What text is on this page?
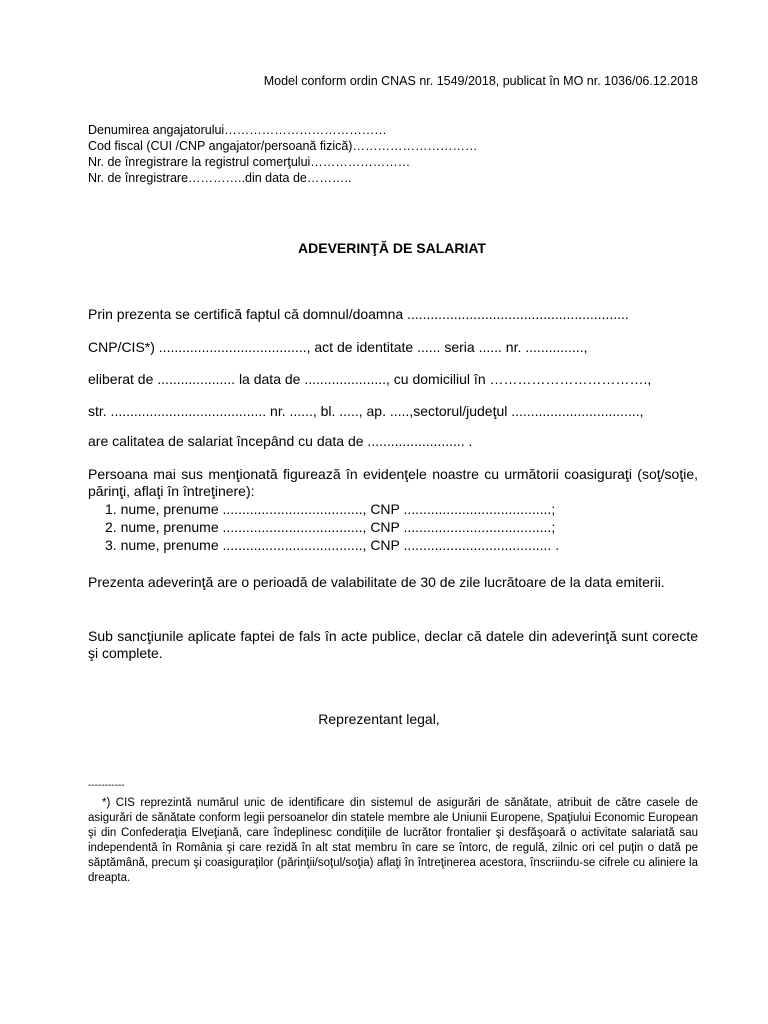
Model conform ordin CNAS nr. 1549/2018, publicat în MO nr. 1036/06.12.2018
Denumirea angajatorului…………………………………
Cod fiscal (CUI /CNP angajator/persoană fizică)…………………………
Nr. de înregistrare la registrul comerţului……………………
Nr. de înregistrare…………..din data de………..
ADEVERINŢĂ DE SALARIAT
Prin prezenta se certifică faptul că domnul/doamna .........................................................
CNP/CIS*) ......................................, act de identitate ...... seria ...... nr. ...............,
eliberat de .................... la data de ....................., cu domiciliul în …………………………….,
str. ........................................ nr. ......, bl. ....., ap. .....,sectorul/judeţul .................................,
are calitatea de salariat începând cu data de ......................... .
Persoana mai sus menţionată figurează în evidenţele noastre cu următorii coasiguraţi (soţ/soţie, părinţi, aflaţi în întreţinere):
1. nume, prenume ...................................., CNP ......................................;
2. nume, prenume ...................................., CNP ......................................;
3. nume, prenume ...................................., CNP ...................................... .
Prezenta adeverinţă are o perioadă de valabilitate de 30 de zile lucrătoare de la data emiterii.
Sub sancţiunile aplicate faptei de fals în acte publice, declar că datele din adeverinţă sunt corecte şi complete.
Reprezentant legal,
-----------
*) CIS reprezintă numărul unic de identificare din sistemul de asigurări de sănătate, atribuit de către casele de asigurări de sănătate conform legii persoanelor din statele membre ale Uniunii Europene, Spaţiului Economic European şi din Confederaţia Elveţiană, care îndeplinesc condiţiile de lucrător frontalier şi desfăşoară o activitate salariată sau independentă în România şi care rezidă în alt stat membru în care se întorc, de regulă, zilnic ori cel puţin o dată pe săptămână, precum şi coasiguraţilor (părinţii/soţul/soţia) aflaţi în întreţinerea acestora, înscriindu-se cifrele cu aliniere la dreapta.
